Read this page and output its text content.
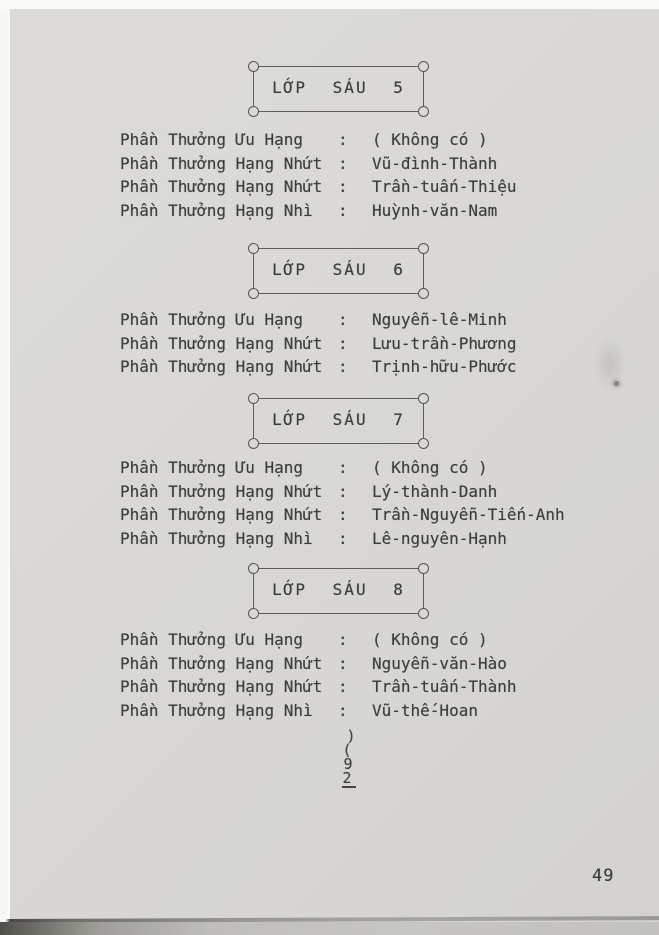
LỚP SÁU 5
Phần Thưởng Ưu Hạng	:	( Không có )
Phần Thưởng Hạng Nhứt :	Vũ-đình-Thành
Phần Thưởng Hạng Nhứt :	Trần-tuấn-Thiệu
Phần Thưởng Hạng Nhì	:	Huỳnh-văn-Nam
LỚP SÁU 6
Phần Thưởng Ưu Hạng	:	Nguyễn-lê-Minh
Phần Thưởng Hạng Nhứt :	Lưu-trần-Phương
Phần Thưởng Hạng Nhứt :	Trịnh-hữu-Phước
LỚP SÁU 7
Phần Thưởng Ưu Hạng	:	( Không có )
Phần Thưởng Hạng Nhứt :	Lý-thành-Danh
Phần Thưởng Hạng Nhứt :	Trần-Nguyễn-Tiến-Anh
Phần Thưởng Hạng Nhì	:	Lê-nguyên-Hạnh
LỚP SÁU 8
Phần Thưởng Ưu Hạng	:	( Không có )
Phần Thưởng Hạng Nhứt :	Nguyễn-văn-Hào
Phần Thưởng Hạng Nhứt :	Trần-tuấn-Thành
Phần Thưởng Hạng Nhì	:	Vũ-thế-Hoan
)
(
9
2
49
